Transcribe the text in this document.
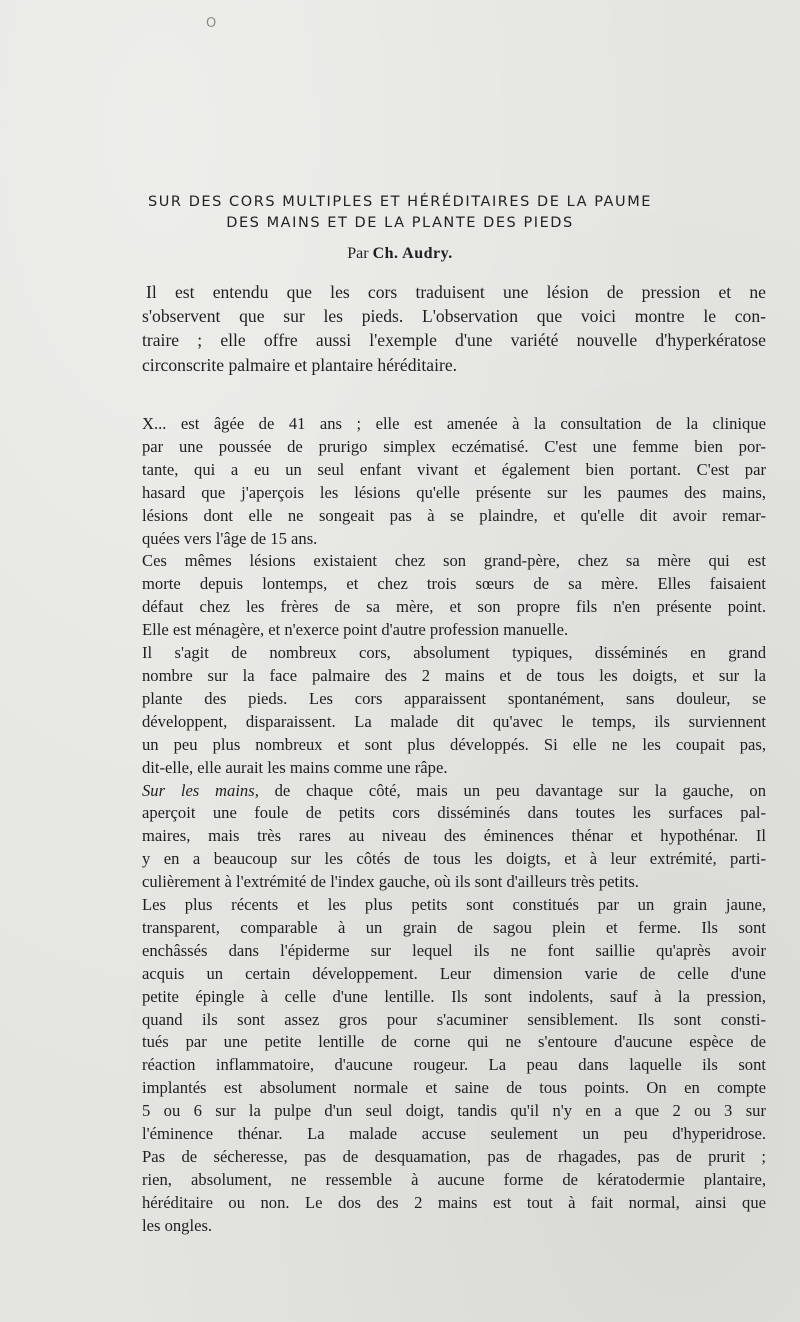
O
SUR DES CORS MULTIPLES ET HÉRÉDITAIRES DE LA PAUME
DES MAINS ET DE LA PLANTE DES PIEDS

Par Ch. Audry.

Il est entendu que les cors traduisent une lésion de pression et ne
s'observent que sur les pieds. L'observation que voici montre le con-
traire ; elle offre aussi l'exemple d'une variété nouvelle d'hyperkératose
circonscrite palmaire et plantaire héréditaire.
X... est âgée de 41 ans ; elle est amenée à la consultation de la clinique
par une poussée de prurigo simplex eczématisé. C'est une femme bien por-
tante, qui a eu un seul enfant vivant et également bien portant. C'est par
hasard que j'aperçois les lésions qu'elle présente sur les paumes des mains,
lésions dont elle ne songeait pas à se plaindre, et qu'elle dit avoir remar-
quées vers l'âge de 15 ans.
Ces mêmes lésions existaient chez son grand-père, chez sa mère qui est
morte depuis lontemps, et chez trois sœurs de sa mère. Elles faisaient
défaut chez les frères de sa mère, et son propre fils n'en présente point.
Elle est ménagère, et n'exerce point d'autre profession manuelle.
Il s'agit de nombreux cors, absolument typiques, disséminés en grand
nombre sur la face palmaire des 2 mains et de tous les doigts, et sur la
plante des pieds. Les cors apparaissent spontanément, sans douleur, se
développent, disparaissent. La malade dit qu'avec le temps, ils surviennent
un peu plus nombreux et sont plus développés. Si elle ne les coupait pas,
dit-elle, elle aurait les mains comme une râpe.
Sur les mains, de chaque côté, mais un peu davantage sur la gauche, on
aperçoit une foule de petits cors disséminés dans toutes les surfaces pal-
maires, mais très rares au niveau des éminences thénar et hypothénar. Il
y en a beaucoup sur les côtés de tous les doigts, et à leur extrémité, parti-
culièrement à l'extrémité de l'index gauche, où ils sont d'ailleurs très petits.
Les plus récents et les plus petits sont constitués par un grain jaune,
transparent, comparable à un grain de sagou plein et ferme. Ils sont
enchâssés dans l'épiderme sur lequel ils ne font saillie qu'après avoir
acquis un certain développement. Leur dimension varie de celle d'une
petite épingle à celle d'une lentille. Ils sont indolents, sauf à la pression,
quand ils sont assez gros pour s'acuminer sensiblement. Ils sont consti-
tués par une petite lentille de corne qui ne s'entoure d'aucune espèce de
réaction inflammatoire, d'aucune rougeur. La peau dans laquelle ils sont
implantés est absolument normale et saine de tous points. On en compte
5 ou 6 sur la pulpe d'un seul doigt, tandis qu'il n'y en a que 2 ou 3 sur
l'éminence thénar. La malade accuse seulement un peu d'hyperidrose.
Pas de sécheresse, pas de desquamation, pas de rhagades, pas de prurit ;
rien, absolument, ne ressemble à aucune forme de kératodermie plantaire,
héréditaire ou non. Le dos des 2 mains est tout à fait normal, ainsi que
les ongles.
